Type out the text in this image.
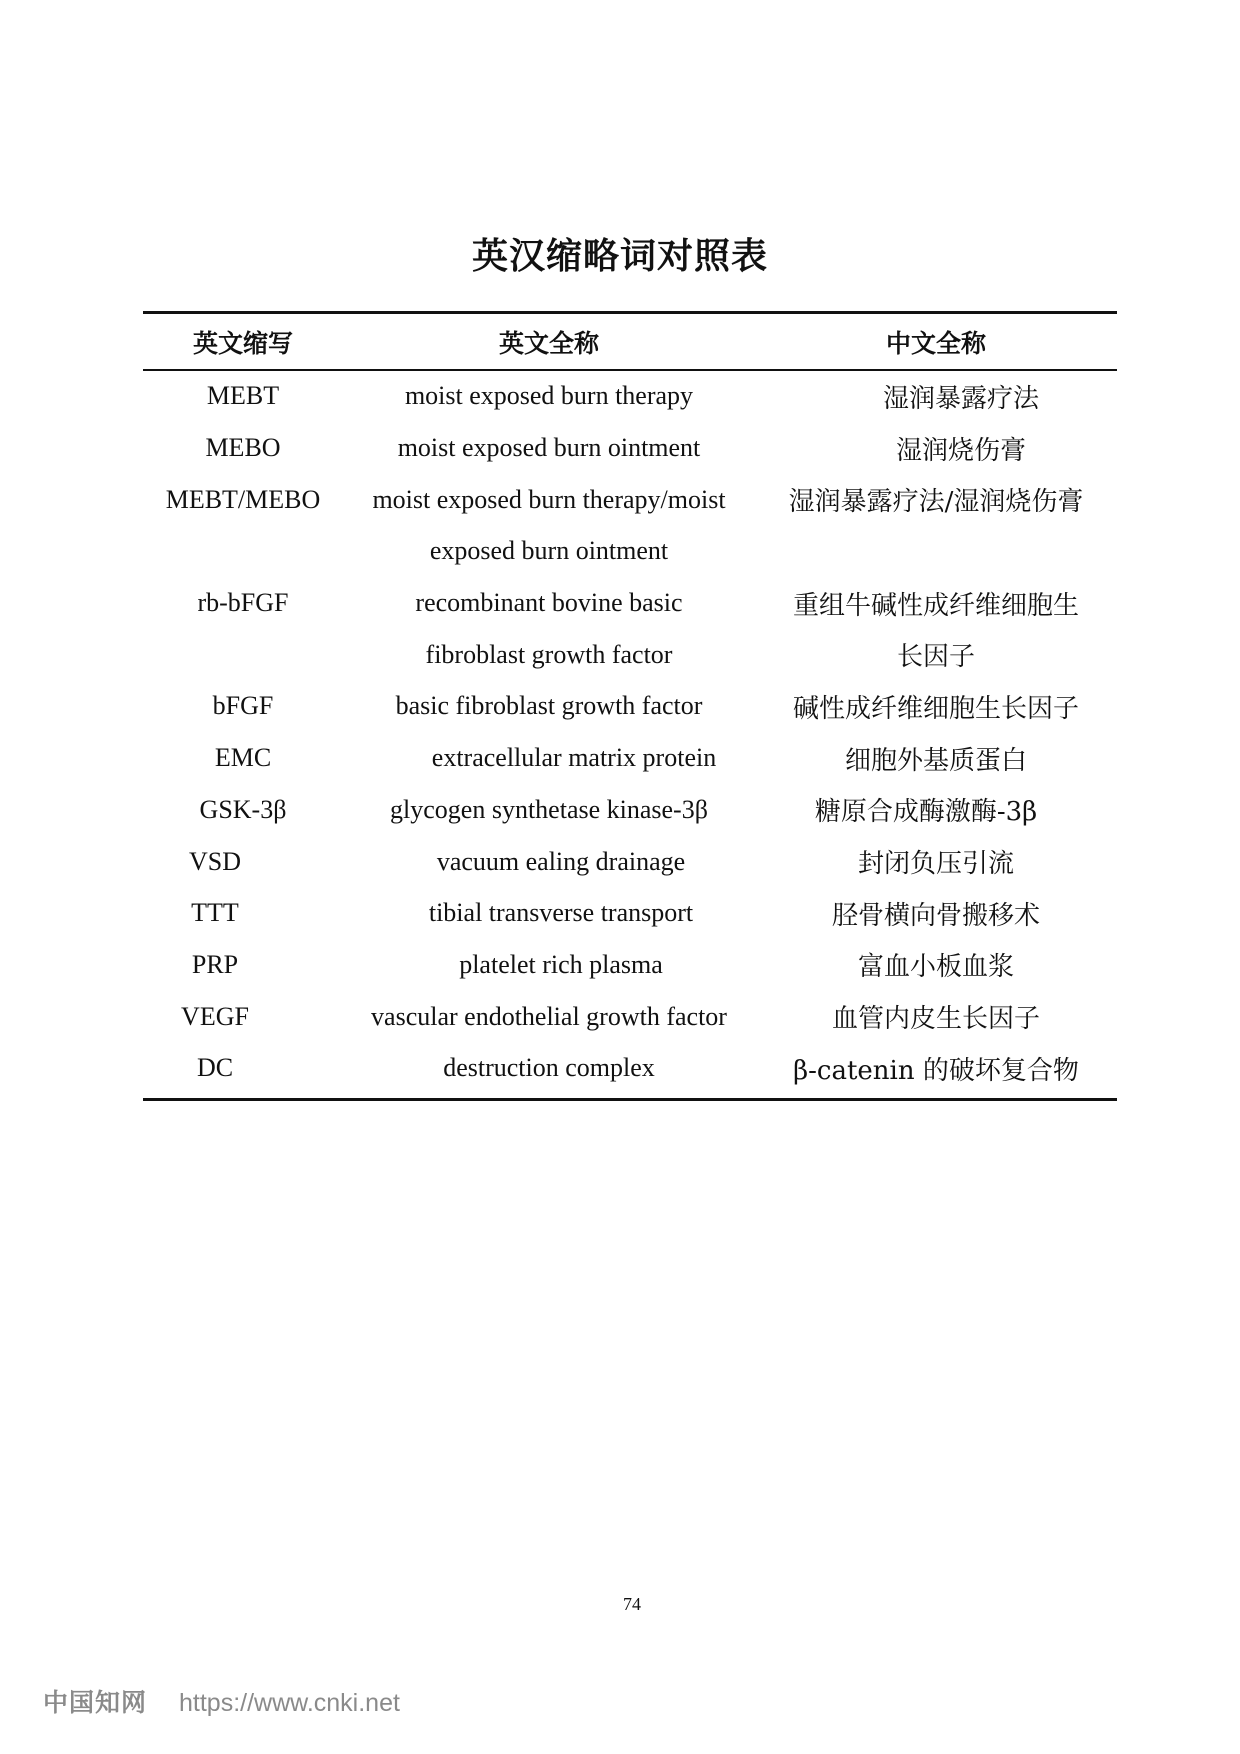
英汉缩略词对照表
英文缩写	英文全称	中文全称
MEBT	moist exposed burn therapy	湿润暴露疗法
MEBO	moist exposed burn ointment	湿润烧伤膏
MEBT/MEBO	moist exposed burn therapy/moist	湿润暴露疗法/湿润烧伤膏
	exposed burn ointment	
rb-bFGF	recombinant bovine basic	重组牛碱性成纤维细胞生
	fibroblast growth factor	长因子
bFGF	basic fibroblast growth factor	碱性成纤维细胞生长因子
EMC	extracellular matrix protein	细胞外基质蛋白
GSK-3β	glycogen synthetase kinase-3β	糖原合成酶激酶-3β
VSD	vacuum ealing drainage	封闭负压引流
TTT	tibial transverse transport	胫骨横向骨搬移术
PRP	platelet rich plasma	富血小板血浆
VEGF	vascular endothelial growth factor	血管内皮生长因子
DC	destruction complex	β-catenin 的破坏复合物
74
中国知网 https://www.cnki.net
